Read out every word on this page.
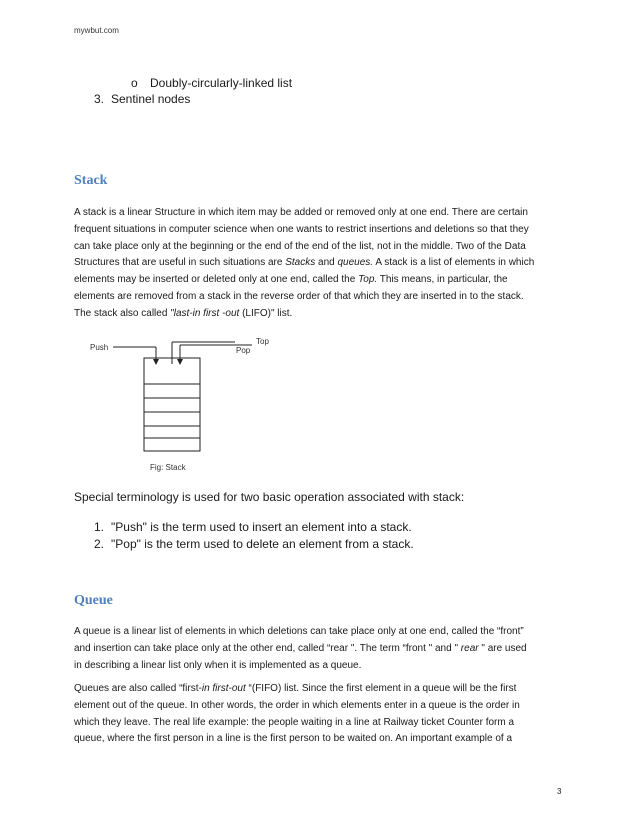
mywbut.com
o Doubly-circularly-linked list
3. Sentinel nodes
Stack
A stack is a linear Structure in which item may be added or removed only at one end. There are certain
frequent situations in computer science when one wants to restrict insertions and deletions so that they
can take place only at the beginning or the end of the end of the list, not in the middle. Two of the Data
Structures that are useful in such situations are Stacks and queues. A stack is a list of elements in which
elements may be inserted or deleted only at one end, called the Top. This means, in particular, the
elements are removed from a stack in the reverse order of that which they are inserted in to the stack.
The stack also called "last-in first -out (LIFO)" list.
Push
Top
Pop
Fig: Stack
Special terminology is used for two basic operation associated with stack:
1. "Push" is the term used to insert an element into a stack.
2. "Pop" is the term used to delete an element from a stack.
Queue
A queue is a linear list of elements in which deletions can take place only at one end, called the “front”
and insertion can take place only at the other end, called “rear ". The term “front " and " rear " are used
in describing a linear list only when it is implemented as a queue.
Queues are also called “first-in first-out “(FIFO) list. Since the first element in a queue will be the first
element out of the queue. In other words, the order in which elements enter in a queue is the order in
which they leave. The real life example: the people waiting in a line at Railway ticket Counter form a
queue, where the first person in a line is the first person to be waited on. An important example of a
3
